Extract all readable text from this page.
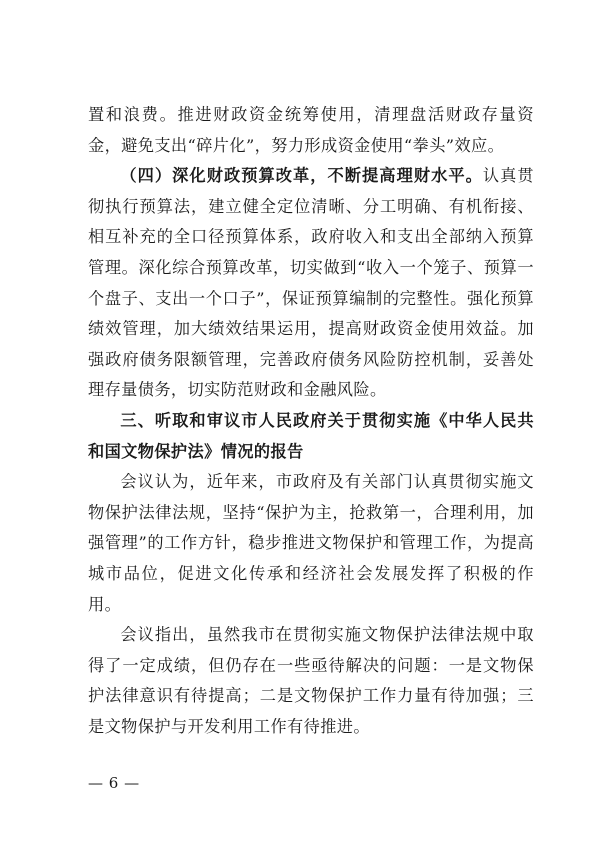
置和浪费。推进财政资金统筹使用，清理盘活财政存量资金，避免支出“碎片化”，努力形成资金使用“拳头”效应。

（四）深化财政预算改革，不断提高理财水平。认真贯彻执行预算法，建立健全定位清晰、分工明确、有机衔接、相互补充的全口径预算体系，政府收入和支出全部纳入预算管理。深化综合预算改革，切实做到“收入一个笼子、预算一个盘子、支出一个口子”，保证预算编制的完整性。强化预算绩效管理，加大绩效结果运用，提高财政资金使用效益。加强政府债务限额管理，完善政府债务风险防控机制，妥善处理存量债务，切实防范财政和金融风险。

三、听取和审议市人民政府关于贯彻实施《中华人民共和国文物保护法》情况的报告

会议认为，近年来，市政府及有关部门认真贯彻实施文物保护法律法规，坚持“保护为主，抢救第一，合理利用，加强管理”的工作方针，稳步推进文物保护和管理工作，为提高城市品位，促进文化传承和经济社会发展发挥了积极的作用。

会议指出，虽然我市在贯彻实施文物保护法律法规中取得了一定成绩，但仍存在一些亟待解决的问题：一是文物保护法律意识有待提高；二是文物保护工作力量有待加强；三是文物保护与开发利用工作有待推进。

— 6 —
